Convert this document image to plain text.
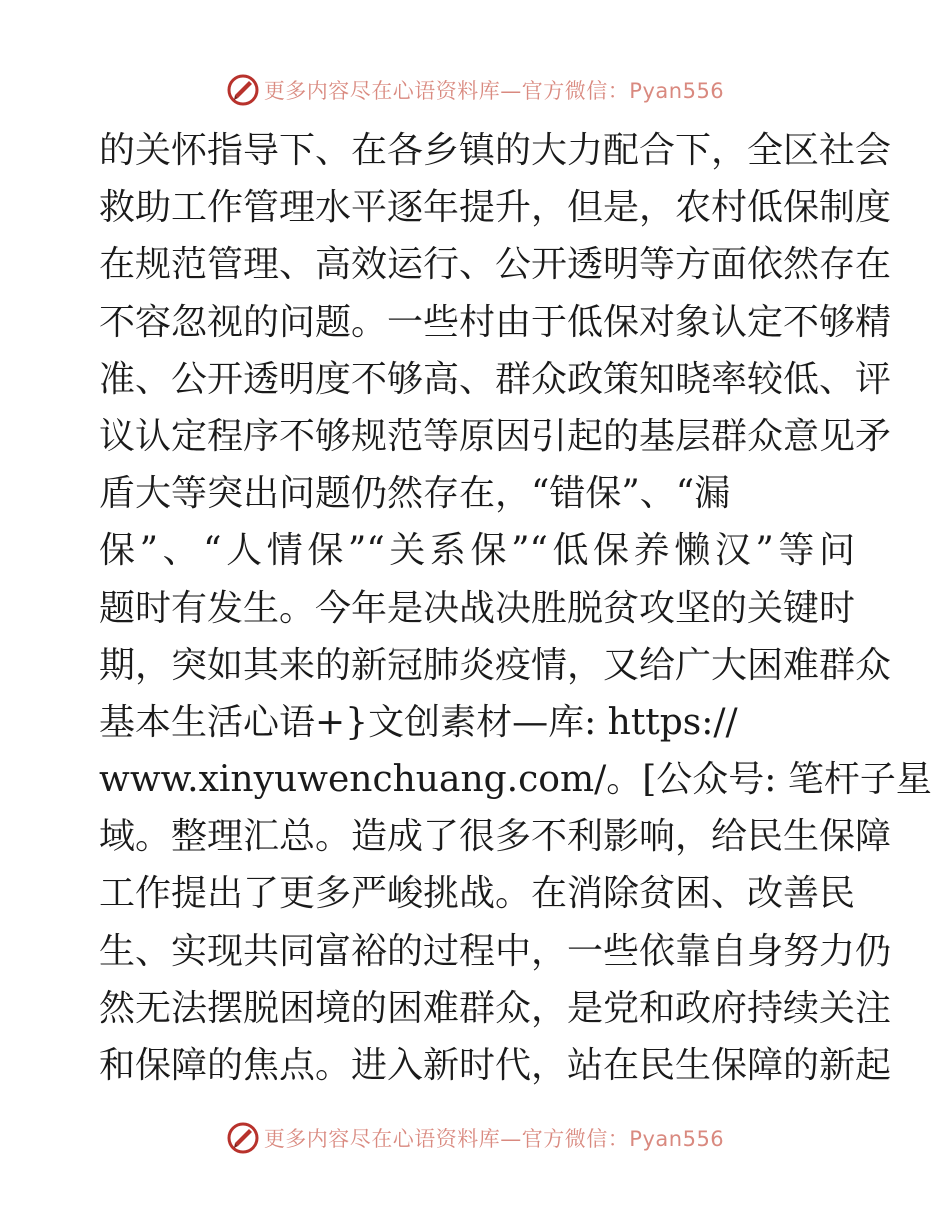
更多内容尽在心语资料库—官方微信：Pyan556
的关怀指导下、在各乡镇的大力配合下，全区社会
救助工作管理水平逐年提升，但是，农村低保制度
在规范管理、高效运行、公开透明等方面依然存在
不容忽视的问题。一些村由于低保对象认定不够精
准、公开透明度不够高、群众政策知晓率较低、评
议认定程序不够规范等原因引起的基层群众意见矛
盾大等突出问题仍然存在，“错保”、“漏
保”、“人情保”“关系保”“低保养懒汉”等问
题时有发生。今年是决战决胜脱贫攻坚的关键时
期，突如其来的新冠肺炎疫情，又给广大困难群众
基本生活心语+}文创素材—库: https://
www.xinyuwenchuang.com/。[公众号: 笔杆子星
域。整理汇总。造成了很多不利影响，给民生保障
工作提出了更多严峻挑战。在消除贫困、改善民
生、实现共同富裕的过程中，一些依靠自身努力仍
然无法摆脱困境的困难群众，是党和政府持续关注
和保障的焦点。进入新时代，站在民生保障的新起
更多内容尽在心语资料库—官方微信：Pyan556
